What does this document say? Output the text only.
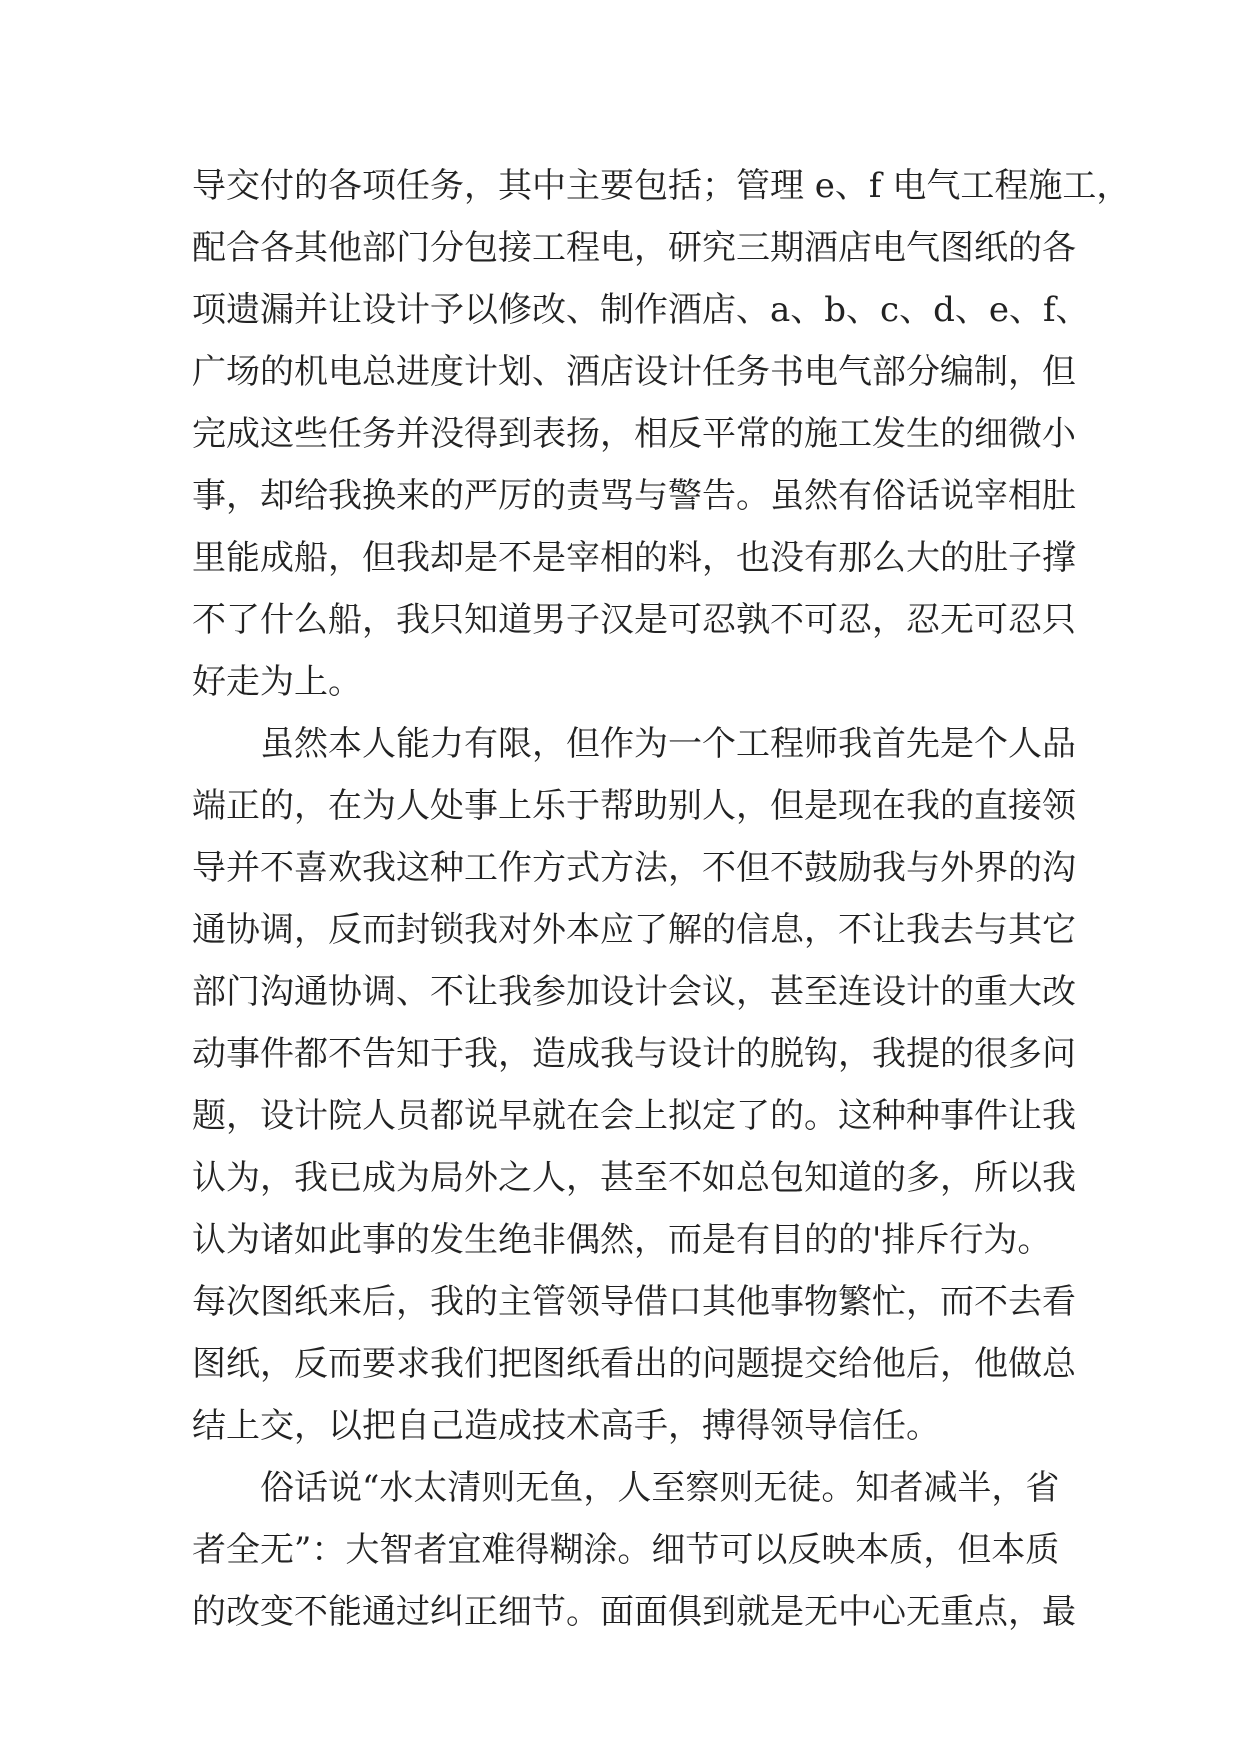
导交付的各项任务，其中主要包括；管理 e、f 电气工程施工，
配合各其他部门分包接工程电，研究三期酒店电气图纸的各
项遗漏并让设计予以修改、制作酒店、a、b、c、d、e、f、
广场的机电总进度计划、酒店设计任务书电气部分编制，但
完成这些任务并没得到表扬，相反平常的施工发生的细微小
事，却给我换来的严厉的责骂与警告。虽然有俗话说宰相肚
里能成船，但我却是不是宰相的料，也没有那么大的肚子撑
不了什么船，我只知道男子汉是可忍孰不可忍，忍无可忍只
好走为上。
　　虽然本人能力有限，但作为一个工程师我首先是个人品
端正的，在为人处事上乐于帮助别人，但是现在我的直接领
导并不喜欢我这种工作方式方法，不但不鼓励我与外界的沟
通协调，反而封锁我对外本应了解的信息，不让我去与其它
部门沟通协调、不让我参加设计会议，甚至连设计的重大改
动事件都不告知于我，造成我与设计的脱钩，我提的很多问
题，设计院人员都说早就在会上拟定了的。这种种事件让我
认为，我已成为局外之人，甚至不如总包知道的多，所以我
认为诸如此事的发生绝非偶然，而是有目的的'排斥行为。
每次图纸来后，我的主管领导借口其他事物繁忙，而不去看
图纸，反而要求我们把图纸看出的问题提交给他后，他做总
结上交，以把自己造成技术高手，搏得领导信任。
　　俗话说“水太清则无鱼，人至察则无徒。知者减半，省
者全无”：大智者宜难得糊涂。细节可以反映本质，但本质
的改变不能通过纠正细节。面面俱到就是无中心无重点，最
